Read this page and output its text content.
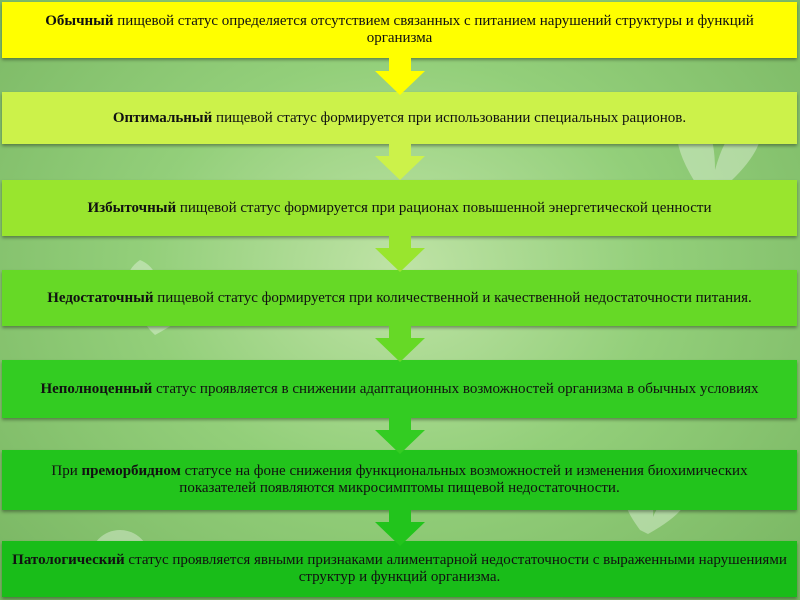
Обычный пищевой статус определяется отсутствием связанных с питанием нарушений структуры и функций организма

Оптимальный пищевой статус формируется при использовании специальных рационов.

Избыточный пищевой статус формируется при рационах повышенной энергетической ценности

Недостаточный пищевой статус формируется при количественной и качественной недостаточности питания.

Неполноценный статус проявляется в снижении адаптационных возможностей организма в обычных условиях

При преморбидном статусе на фоне снижения функциональных возможностей и изменения биохимических показателей появляются микросимптомы пищевой недостаточности.

Патологический статус проявляется явными признаками алиментарной недостаточности с выраженными нарушениями структур и функций организма.
